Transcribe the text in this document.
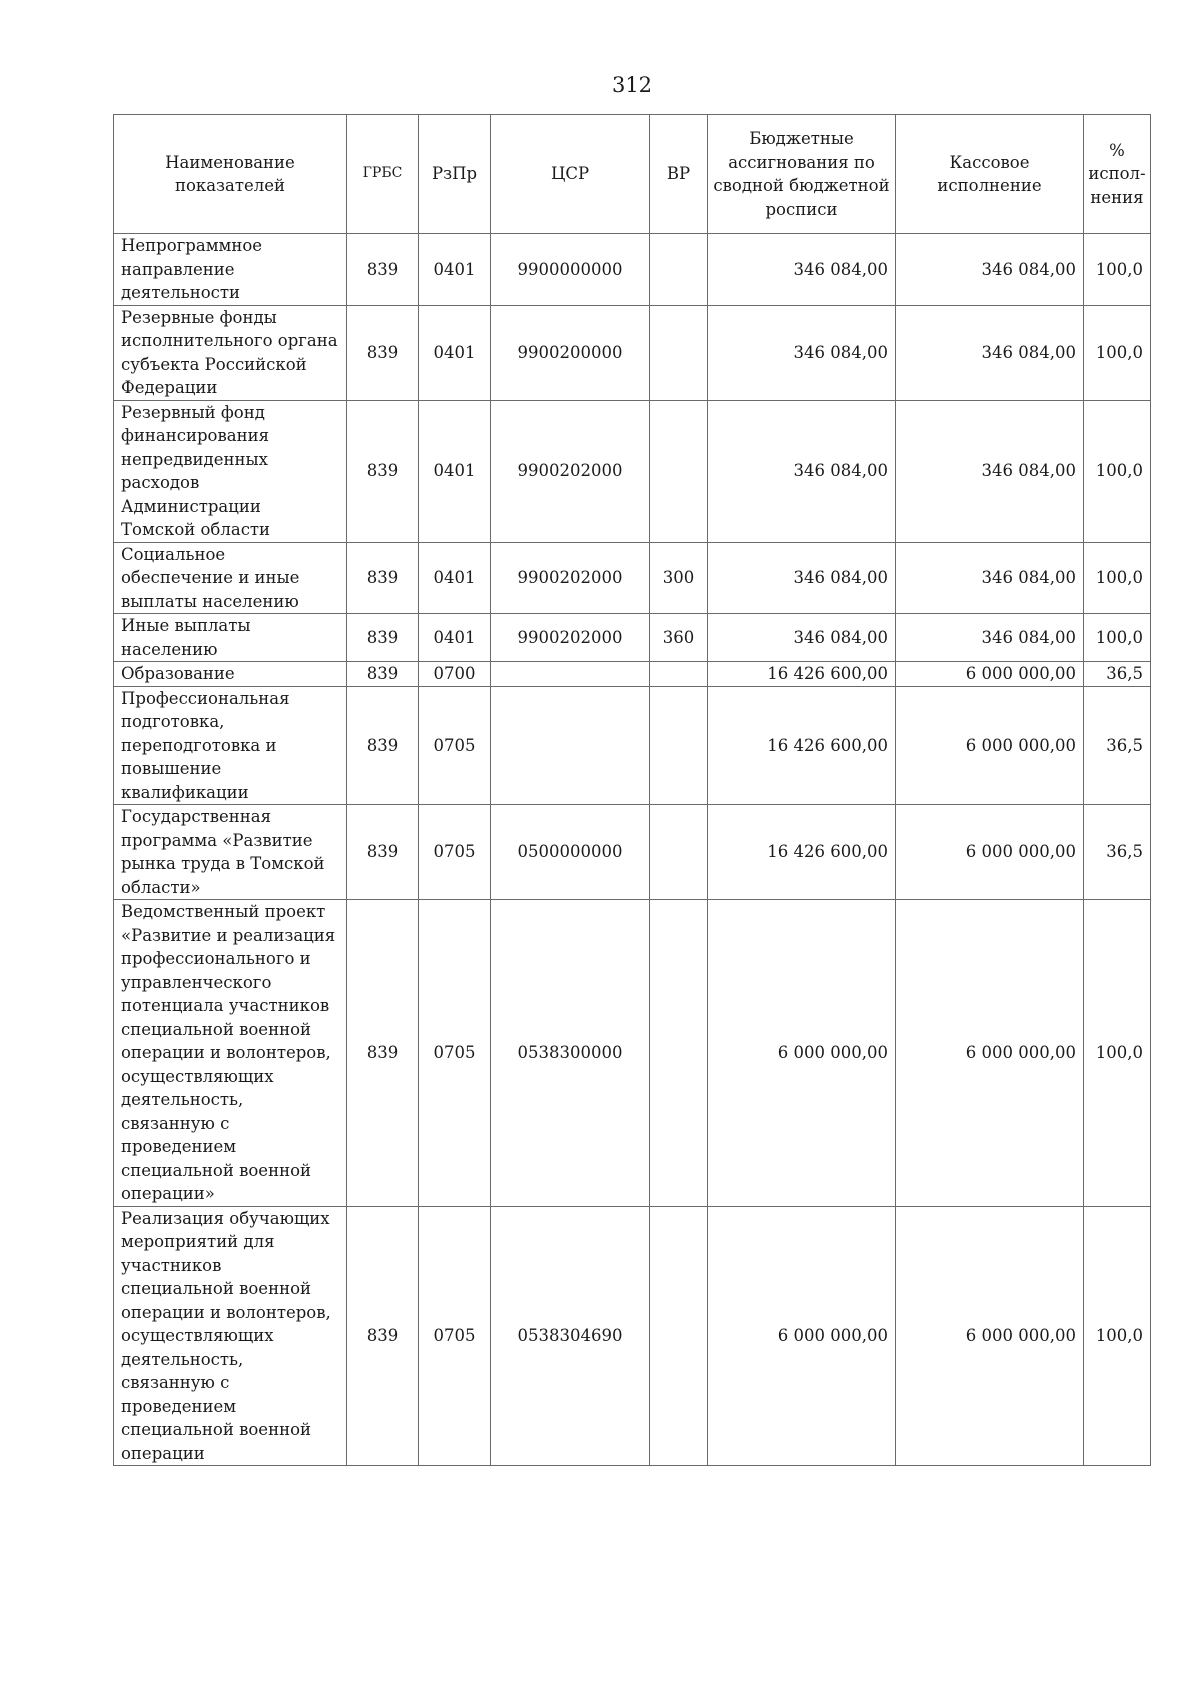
312
Наименование показателей	ГРБС	РзПр	ЦСР	ВР	Бюджетные ассигнования по сводной бюджетной росписи	Кассовое исполнение	% испол-нения
Непрограммное направление деятельности	839	0401	9900000000		346 084,00	346 084,00	100,0
Резервные фонды исполнительного органа субъекта Российской Федерации	839	0401	9900200000		346 084,00	346 084,00	100,0
Резервный фонд финансирования непредвиденных расходов Администрации Томской области	839	0401	9900202000		346 084,00	346 084,00	100,0
Социальное обеспечение и иные выплаты населению	839	0401	9900202000	300	346 084,00	346 084,00	100,0
Иные выплаты населению	839	0401	9900202000	360	346 084,00	346 084,00	100,0
Образование	839	0700			16 426 600,00	6 000 000,00	36,5
Профессиональная подготовка, переподготовка и повышение квалификации	839	0705			16 426 600,00	6 000 000,00	36,5
Государственная программа «Развитие рынка труда в Томской области»	839	0705	0500000000		16 426 600,00	6 000 000,00	36,5
Ведомственный проект «Развитие и реализация профессионального и управленческого потенциала участников специальной военной операции и волонтеров, осуществляющих деятельность, связанную с проведением специальной военной операции»	839	0705	0538300000		6 000 000,00	6 000 000,00	100,0
Реализация обучающих мероприятий для участников специальной военной операции и волонтеров, осуществляющих деятельность, связанную с проведением специальной военной операции	839	0705	0538304690		6 000 000,00	6 000 000,00	100,0
